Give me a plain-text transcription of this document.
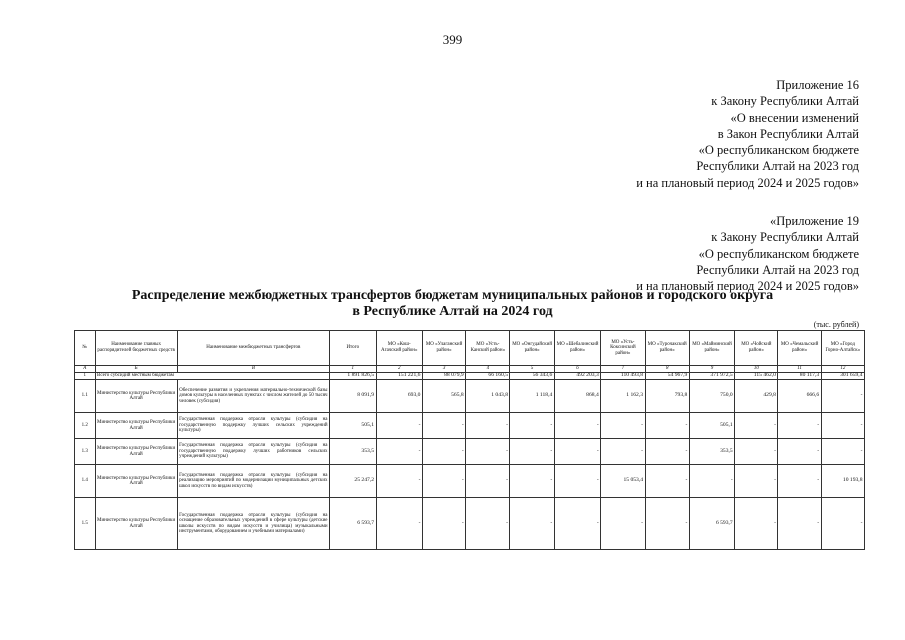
399
Приложение 16
к Закону Республики Алтай
«О внесении изменений
в Закон Республики Алтай
«О республиканском бюджете
Республики Алтай на 2023 год
и на плановый период 2024 и 2025 годов»
«Приложение 19
к Закону Республики Алтай
«О республиканском бюджете
Республики Алтай на 2023 год
и на плановый период 2024 и 2025 годов»
Распределение межбюджетных трансфертов бюджетам муниципальных районов и городского округа
в Республике Алтай на 2024 год
(тыс. рублей)
№	Наименование главных распорядителей бюджетных средств	Наименование межбюджетных трансфертов	Итого	МО «Кош-Агачский район»	МО «Улаганский район»	МО «Усть-Канский район»	МО «Онгудайский район»	МО «Шебалинский район»	МО «Усть-Коксинский район»	МО «Турочакский район»	МО «Майминский район»	МО «Чойский район»	МО «Чемальский район»	МО «Город Горно-Алтайск»
А	Б	В	1	2	3	4	5	6	7	8	9	10	11	12
1	Всего субсидий местным бюджетам		1 891 826,5	151 221,6	88 079,9	66 160,5	56 343,6	492 203,3	110 493,8	54 967,9	371 972,5	115 462,0	80 117,3	301 659,4
1.1	Министерство культуры Республики Алтай	Обеспечение развития и укрепления материально-технической базы домов культуры в населенных пунктах с числом жителей до 50 тысяч человек (субсидия)	8 091,9	693,0	565,8	1 043,8	1 118,4	868,4	1 162,3	793,8	750,0	429,8	666,6	-
1.2	Министерство культуры Республики Алтай	Государственная поддержка отрасли культуры (субсидия на государственную поддержку лучших сельских учреждений культуры)	505,1	-	-	-	-	-	-	-	505,1	-	-	-
1.3	Министерство культуры Республики Алтай	Государственная поддержка отрасли культуры (субсидия на государственную поддержку лучших работников сельских учреждений культуры)	353,5	-	-	-	-	-	-	-	353,5	-	-	-
1.4	Министерство культуры Республики Алтай	Государственная поддержка отрасли культуры (субсидия на реализацию мероприятий по модернизации муниципальных детских школ искусств по видам искусств)	25 247,2	-	-	-	-	-	15 053,4	-	-	-	-	10 193,8
1.5	Министерство культуры Республики Алтай	Государственная поддержка отрасли культуры (субсидия на оснащение образовательных учреждений в сфере культуры (детские школы искусств по видам искусств и училища) музыкальными инструментами, оборудованием и учебными материалами)	6 593,7	-	-	-	-	-	-	-	6 593,7	-	-	-
